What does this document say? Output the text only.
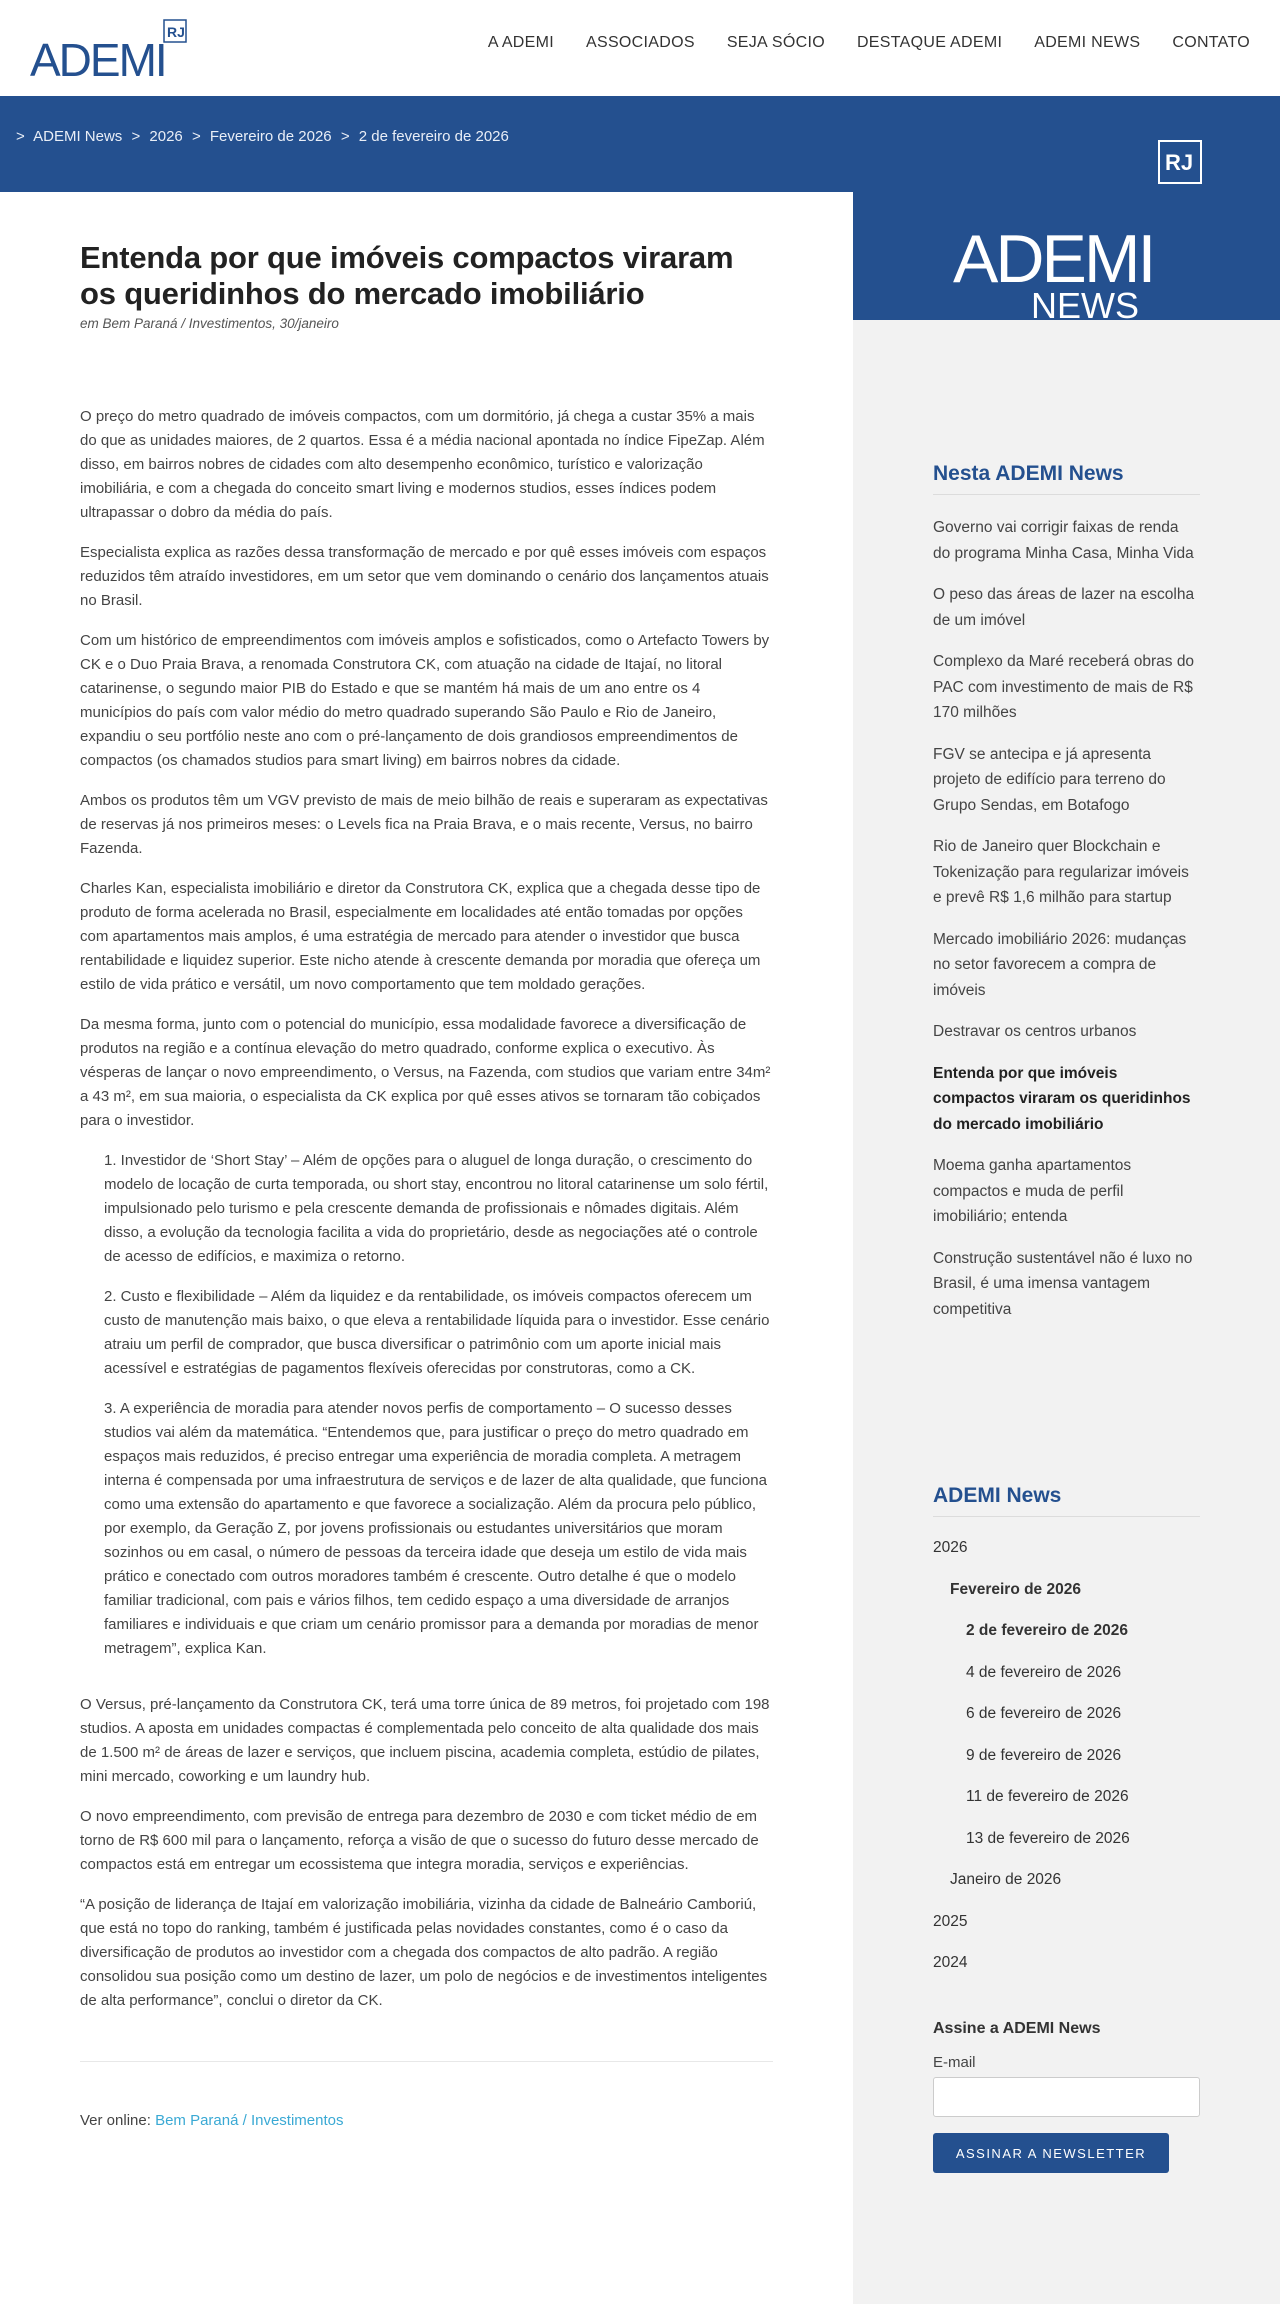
ADEMI
RJ
A ADEMI ASSOCIADOS SEJA SÓCIO DESTAQUE ADEMI ADEMI NEWS CONTATO
> ADEMI News > 2026 > Fevereiro de 2026 > 2 de fevereiro de 2026
Entenda por que imóveis compactos viraram os queridinhos do mercado imobiliário
em Bem Paraná / Investimentos, 30/janeiro

O preço do metro quadrado de imóveis compactos, com um dormitório, já chega a custar 35% a mais do que as unidades maiores, de 2 quartos. Essa é a média nacional apontada no índice FipeZap. Além disso, em bairros nobres de cidades com alto desempenho econômico, turístico e valorização imobiliária, e com a chegada do conceito smart living e modernos studios, esses índices podem ultrapassar o dobro da média do país.

Especialista explica as razões dessa transformação de mercado e por quê esses imóveis com espaços reduzidos têm atraído investidores, em um setor que vem dominando o cenário dos lançamentos atuais no Brasil.

Com um histórico de empreendimentos com imóveis amplos e sofisticados, como o Artefacto Towers by CK e o Duo Praia Brava, a renomada Construtora CK, com atuação na cidade de Itajaí, no litoral catarinense, o segundo maior PIB do Estado e que se mantém há mais de um ano entre os 4 municípios do país com valor médio do metro quadrado superando São Paulo e Rio de Janeiro, expandiu o seu portfólio neste ano com o pré-lançamento de dois grandiosos empreendimentos de compactos (os chamados studios para smart living) em bairros nobres da cidade.

Ambos os produtos têm um VGV previsto de mais de meio bilhão de reais e superaram as expectativas de reservas já nos primeiros meses: o Levels fica na Praia Brava, e o mais recente, Versus, no bairro Fazenda.

Charles Kan, especialista imobiliário e diretor da Construtora CK, explica que a chegada desse tipo de produto de forma acelerada no Brasil, especialmente em localidades até então tomadas por opções com apartamentos mais amplos, é uma estratégia de mercado para atender o investidor que busca rentabilidade e liquidez superior. Este nicho atende à crescente demanda por moradia que ofereça um estilo de vida prático e versátil, um novo comportamento que tem moldado gerações.

Da mesma forma, junto com o potencial do município, essa modalidade favorece a diversificação de produtos na região e a contínua elevação do metro quadrado, conforme explica o executivo. Às vésperas de lançar o novo empreendimento, o Versus, na Fazenda, com studios que variam entre 34m² a 43 m², em sua maioria, o especialista da CK explica por quê esses ativos se tornaram tão cobiçados para o investidor.

1. Investidor de ‘Short Stay’ – Além de opções para o aluguel de longa duração, o crescimento do modelo de locação de curta temporada, ou short stay, encontrou no litoral catarinense um solo fértil, impulsionado pelo turismo e pela crescente demanda de profissionais e nômades digitais. Além disso, a evolução da tecnologia facilita a vida do proprietário, desde as negociações até o controle de acesso de edifícios, e maximiza o retorno.
2. Custo e flexibilidade – Além da liquidez e da rentabilidade, os imóveis compactos oferecem um custo de manutenção mais baixo, o que eleva a rentabilidade líquida para o investidor. Esse cenário atraiu um perfil de comprador, que busca diversificar o patrimônio com um aporte inicial mais acessível e estratégias de pagamentos flexíveis oferecidas por construtoras, como a CK.
3. A experiência de moradia para atender novos perfis de comportamento – O sucesso desses studios vai além da matemática. “Entendemos que, para justificar o preço do metro quadrado em espaços mais reduzidos, é preciso entregar uma experiência de moradia completa. A metragem interna é compensada por uma infraestrutura de serviços e de lazer de alta qualidade, que funciona como uma extensão do apartamento e que favorece a socialização. Além da procura pelo público, por exemplo, da Geração Z, por jovens profissionais ou estudantes universitários que moram sozinhos ou em casal, o número de pessoas da terceira idade que deseja um estilo de vida mais prático e conectado com outros moradores também é crescente. Outro detalhe é que o modelo familiar tradicional, com pais e vários filhos, tem cedido espaço a uma diversidade de arranjos familiares e individuais e que criam um cenário promissor para a demanda por moradias de menor metragem”, explica Kan.

O Versus, pré-lançamento da Construtora CK, terá uma torre única de 89 metros, foi projetado com 198 studios. A aposta em unidades compactas é complementada pelo conceito de alta qualidade dos mais de 1.500 m² de áreas de lazer e serviços, que incluem piscina, academia completa, estúdio de pilates, mini mercado, coworking e um laundry hub.

O novo empreendimento, com previsão de entrega para dezembro de 2030 e com ticket médio de em torno de R$ 600 mil para o lançamento, reforça a visão de que o sucesso do futuro desse mercado de compactos está em entregar um ecossistema que integra moradia, serviços e experiências.

“A posição de liderança de Itajaí em valorização imobiliária, vizinha da cidade de Balneário Camboriú, que está no topo do ranking, também é justificada pelas novidades constantes, como é o caso da diversificação de produtos ao investidor com a chegada dos compactos de alto padrão. A região consolidou sua posição como um destino de lazer, um polo de negócios e de investimentos inteligentes de alta performance”, conclui o diretor da CK.

Ver online: Bem Paraná / Investimentos
ADEMI
NEWS
RJ
Nesta ADEMI News
Governo vai corrigir faixas de renda do programa Minha Casa, Minha Vida
O peso das áreas de lazer na escolha de um imóvel
Complexo da Maré receberá obras do PAC com investimento de mais de R$ 170 milhões
FGV se antecipa e já apresenta projeto de edifício para terreno do Grupo Sendas, em Botafogo
Rio de Janeiro quer Blockchain e Tokenização para regularizar imóveis e prevê R$ 1,6 milhão para startup
Mercado imobiliário 2026: mudanças no setor favorecem a compra de imóveis
Destravar os centros urbanos
Entenda por que imóveis compactos viraram os queridinhos do mercado imobiliário
Moema ganha apartamentos compactos e muda de perfil imobiliário; entenda
Construção sustentável não é luxo no Brasil, é uma imensa vantagem competitiva
ADEMI News
2026
Fevereiro de 2026
2 de fevereiro de 2026
4 de fevereiro de 2026
6 de fevereiro de 2026
9 de fevereiro de 2026
11 de fevereiro de 2026
13 de fevereiro de 2026
Janeiro de 2026
2025
2024
Assine a ADEMI News
E-mail
ASSINAR A NEWSLETTER
